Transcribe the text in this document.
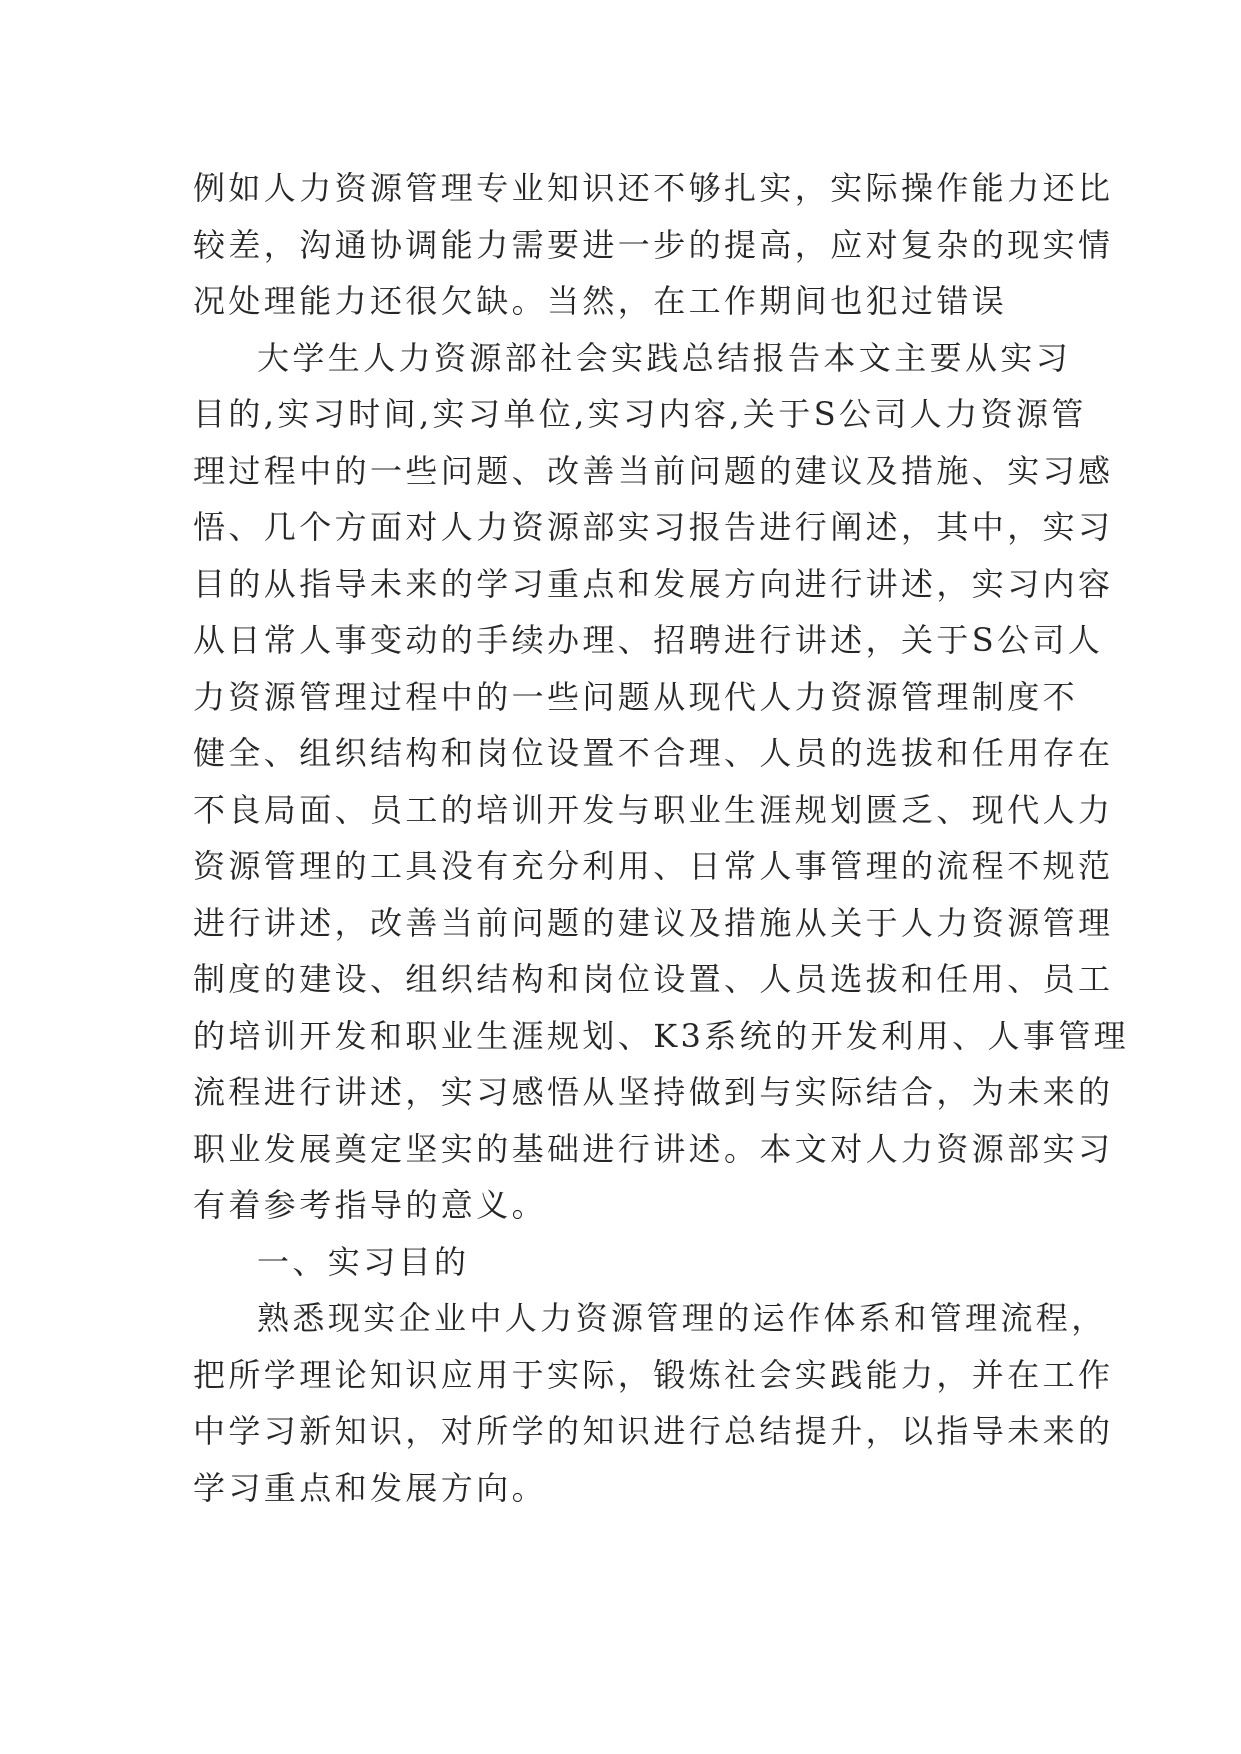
例如人力资源管理专业知识还不够扎实，实际操作能力还比
较差，沟通协调能力需要进一步的提高，应对复杂的现实情
况处理能力还很欠缺。当然，在工作期间也犯过错误

大学生人力资源部社会实践总结报告本文主要从实习
目的,实习时间,实习单位,实习内容,关于S公司人力资源管
理过程中的一些问题、改善当前问题的建议及措施、实习感
悟、几个方面对人力资源部实习报告进行阐述，其中，实习
目的从指导未来的学习重点和发展方向进行讲述，实习内容
从日常人事变动的手续办理、招聘进行讲述，关于S公司人
力资源管理过程中的一些问题从现代人力资源管理制度不
健全、组织结构和岗位设置不合理、人员的选拔和任用存在
不良局面、员工的培训开发与职业生涯规划匮乏、现代人力
资源管理的工具没有充分利用、日常人事管理的流程不规范
进行讲述，改善当前问题的建议及措施从关于人力资源管理
制度的建设、组织结构和岗位设置、人员选拔和任用、员工
的培训开发和职业生涯规划、K3系统的开发利用、人事管理
流程进行讲述，实习感悟从坚持做到与实际结合，为未来的
职业发展奠定坚实的基础进行讲述。本文对人力资源部实习
有着参考指导的意义。

一、实习目的

熟悉现实企业中人力资源管理的运作体系和管理流程，
把所学理论知识应用于实际，锻炼社会实践能力，并在工作
中学习新知识，对所学的知识进行总结提升，以指导未来的
学习重点和发展方向。
